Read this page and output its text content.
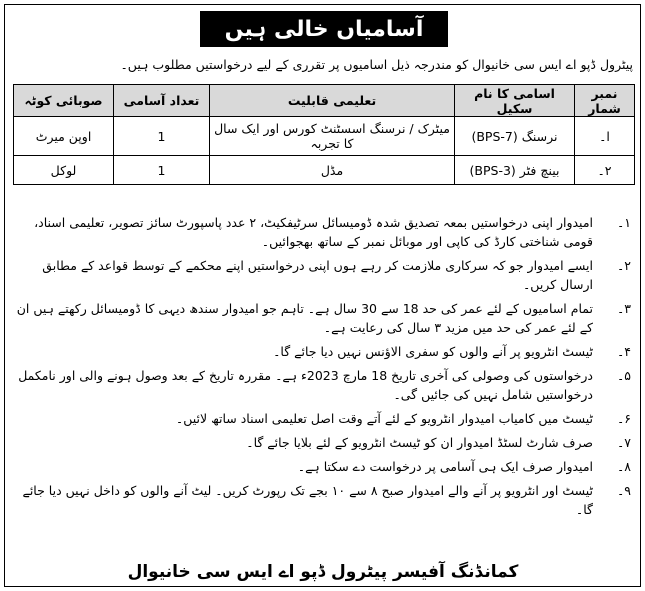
آسامیاں خالی ہیں
پیٹرول ڈپو اے ایس سی خانیوال کو مندرجہ ذیل اسامیوں پر تقرری کے لیے درخواستیں مطلوب ہیں۔
نمبر شمار	اسامی کا نام سکیل	تعلیمی قابلیت	تعداد آسامی	صوبائی کوٹہ
ا۔	نرسنگ (BPS-7)	میٹرک / نرسنگ اسسٹنٹ کورس اور ایک سال کا تجربہ	1	اوپن میرٹ
۲۔	بینچ فٹر (BPS-3)	مڈل	1	لوکل
۱۔
امیدوار اپنی درخواستیں بمعہ تصدیق شدہ ڈومیسائل سرٹیفکیٹ، ۲ عدد پاسپورٹ سائز تصویر، تعلیمی اسناد، قومی شناختی کارڈ کی کاپی اور موبائل نمبر کے ساتھ بھجوائیں۔
۲۔
ایسے امیدوار جو کہ سرکاری ملازمت کر رہے ہوں اپنی درخواستیں اپنے محکمے کے توسط قواعد کے مطابق ارسال کریں۔
۳۔
تمام اسامیوں کے لئے عمر کی حد 18 سے 30 سال ہے۔ تاہم جو امیدوار سندھ دیہی کا ڈومیسائل رکھتے ہیں ان کے لئے عمر کی حد میں مزید ۳ سال کی رعایت ہے۔
۴۔
ٹیسٹ انٹرویو پر آنے والوں کو سفری الاؤنس نہیں دیا جائے گا۔
۵۔
درخواستوں کی وصولی کی آخری تاریخ 18 مارچ 2023ء ہے۔ مقررہ تاریخ کے بعد وصول ہونے والی اور نامکمل درخواستیں شامل نہیں کی جائیں گی۔
۶۔
ٹیسٹ میں کامیاب امیدوار انٹرویو کے لئے آتے وقت اصل تعلیمی اسناد ساتھ لائیں۔
۷۔
صرف شارٹ لسٹڈ امیدوار ان کو ٹیسٹ انٹرویو کے لئے بلایا جائے گا۔
۸۔
امیدوار صرف ایک ہی آسامی پر درخواست دے سکتا ہے۔
۹۔
ٹیسٹ اور انٹرویو پر آنے والے امیدوار صبح ۸ سے ۱۰ بجے تک رپورٹ کریں۔ لیٹ آنے والوں کو داخل نہیں دیا جائے گا۔
کمانڈنگ آفیسر پیٹرول ڈپو اے ایس سی خانیوال
